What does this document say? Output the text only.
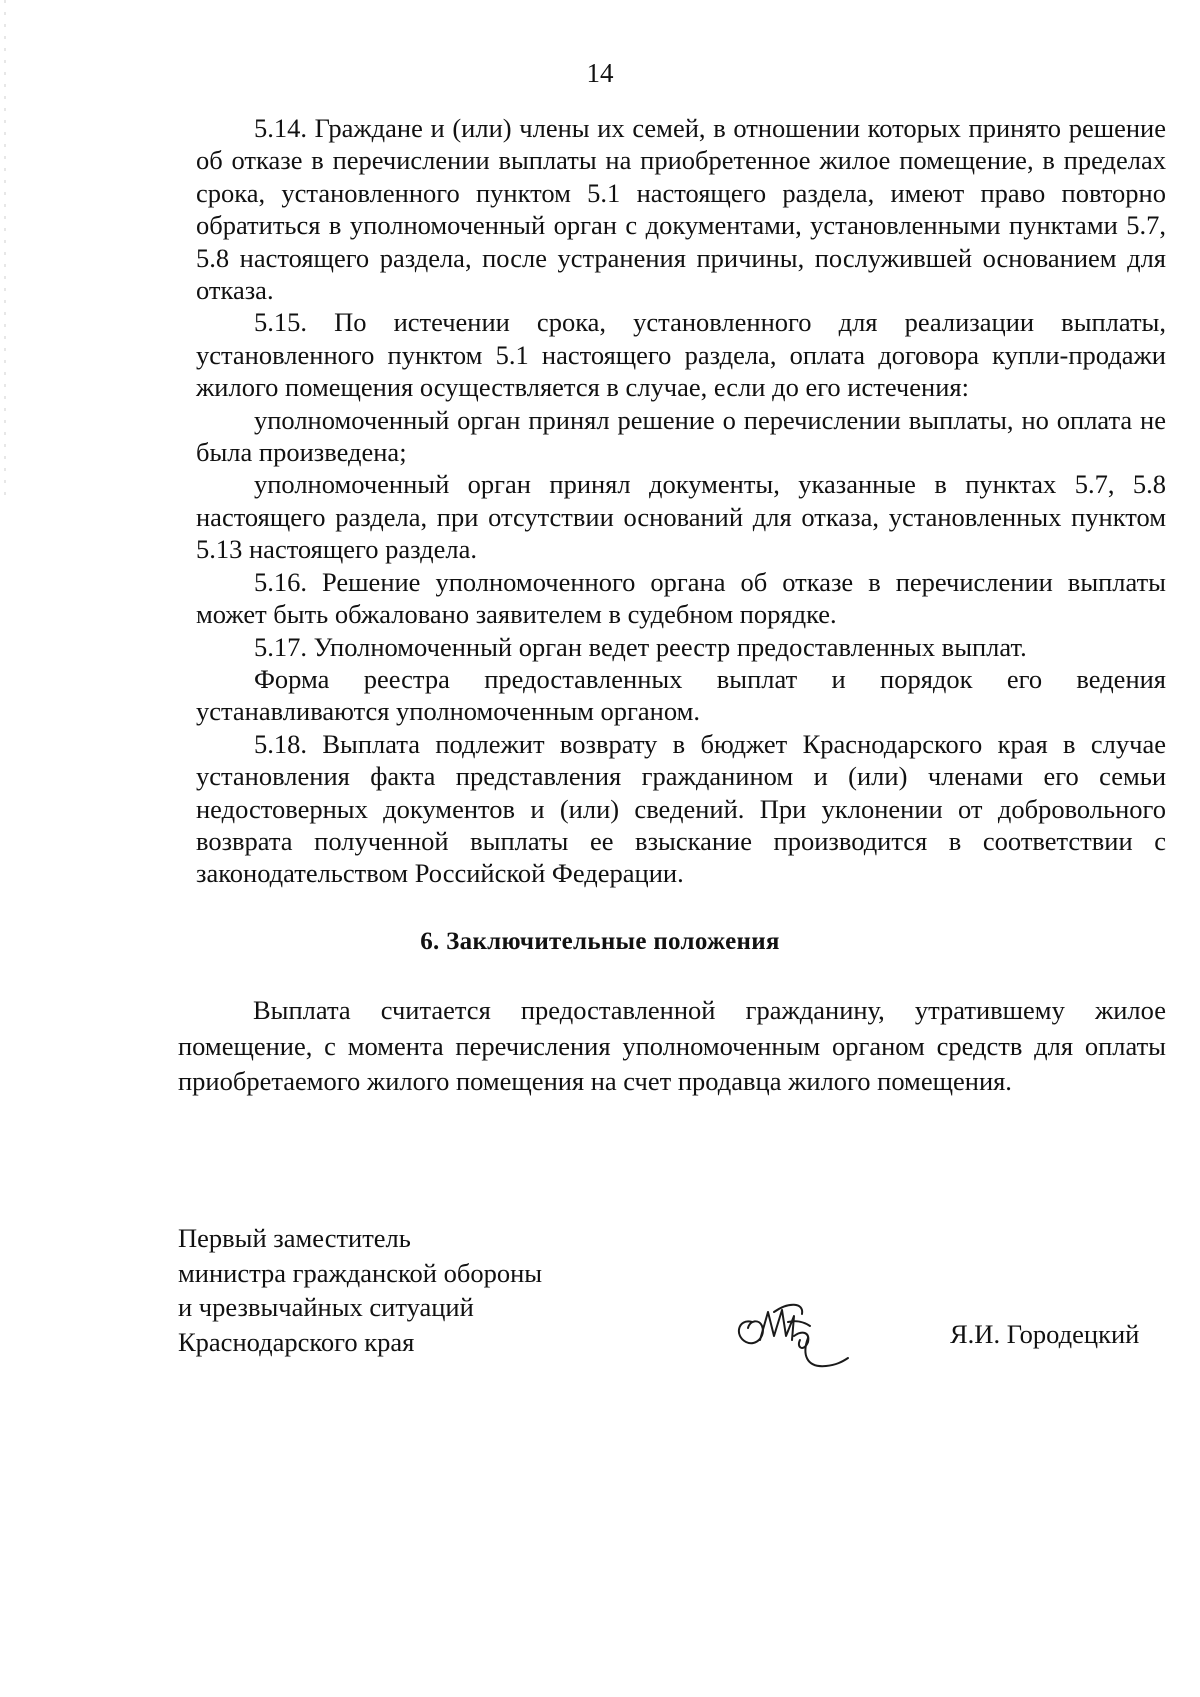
14

5.14. Граждане и (или) члены их семей, в отношении которых принято решение об отказе в перечислении выплаты на приобретенное жилое помещение, в пределах срока, установленного пунктом 5.1 настоящего раздела, имеют право повторно обратиться в уполномоченный орган с документами, установленными пунктами 5.7, 5.8 настоящего раздела, после устранения причины, послужившей основанием для отказа.

5.15. По истечении срока, установленного для реализации выплаты, установленного пунктом 5.1 настоящего раздела, оплата договора купли-продажи жилого помещения осуществляется в случае, если до его истечения:

уполномоченный орган принял решение о перечислении выплаты, но оплата не была произведена;

уполномоченный орган принял документы, указанные в пунктах 5.7, 5.8 настоящего раздела, при отсутствии оснований для отказа, установленных пунктом 5.13 настоящего раздела.

5.16. Решение уполномоченного органа об отказе в перечислении выплаты может быть обжаловано заявителем в судебном порядке.

5.17. Уполномоченный орган ведет реестр предоставленных выплат.

Форма реестра предоставленных выплат и порядок его ведения устанавливаются уполномоченным органом.

5.18. Выплата подлежит возврату в бюджет Краснодарского края в случае установления факта представления гражданином и (или) членами его семьи недостоверных документов и (или) сведений. При уклонении от добровольного возврата полученной выплаты ее взыскание производится в соответствии с законодательством Российской Федерации.

6. Заключительные положения

Выплата считается предоставленной гражданину, утратившему жилое помещение, с момента перечисления уполномоченным органом средств для оплаты приобретаемого жилого помещения на счет продавца жилого помещения.

Первый заместитель
министра гражданской обороны
и чрезвычайных ситуаций
Краснодарского края	Я.И. Городецкий
